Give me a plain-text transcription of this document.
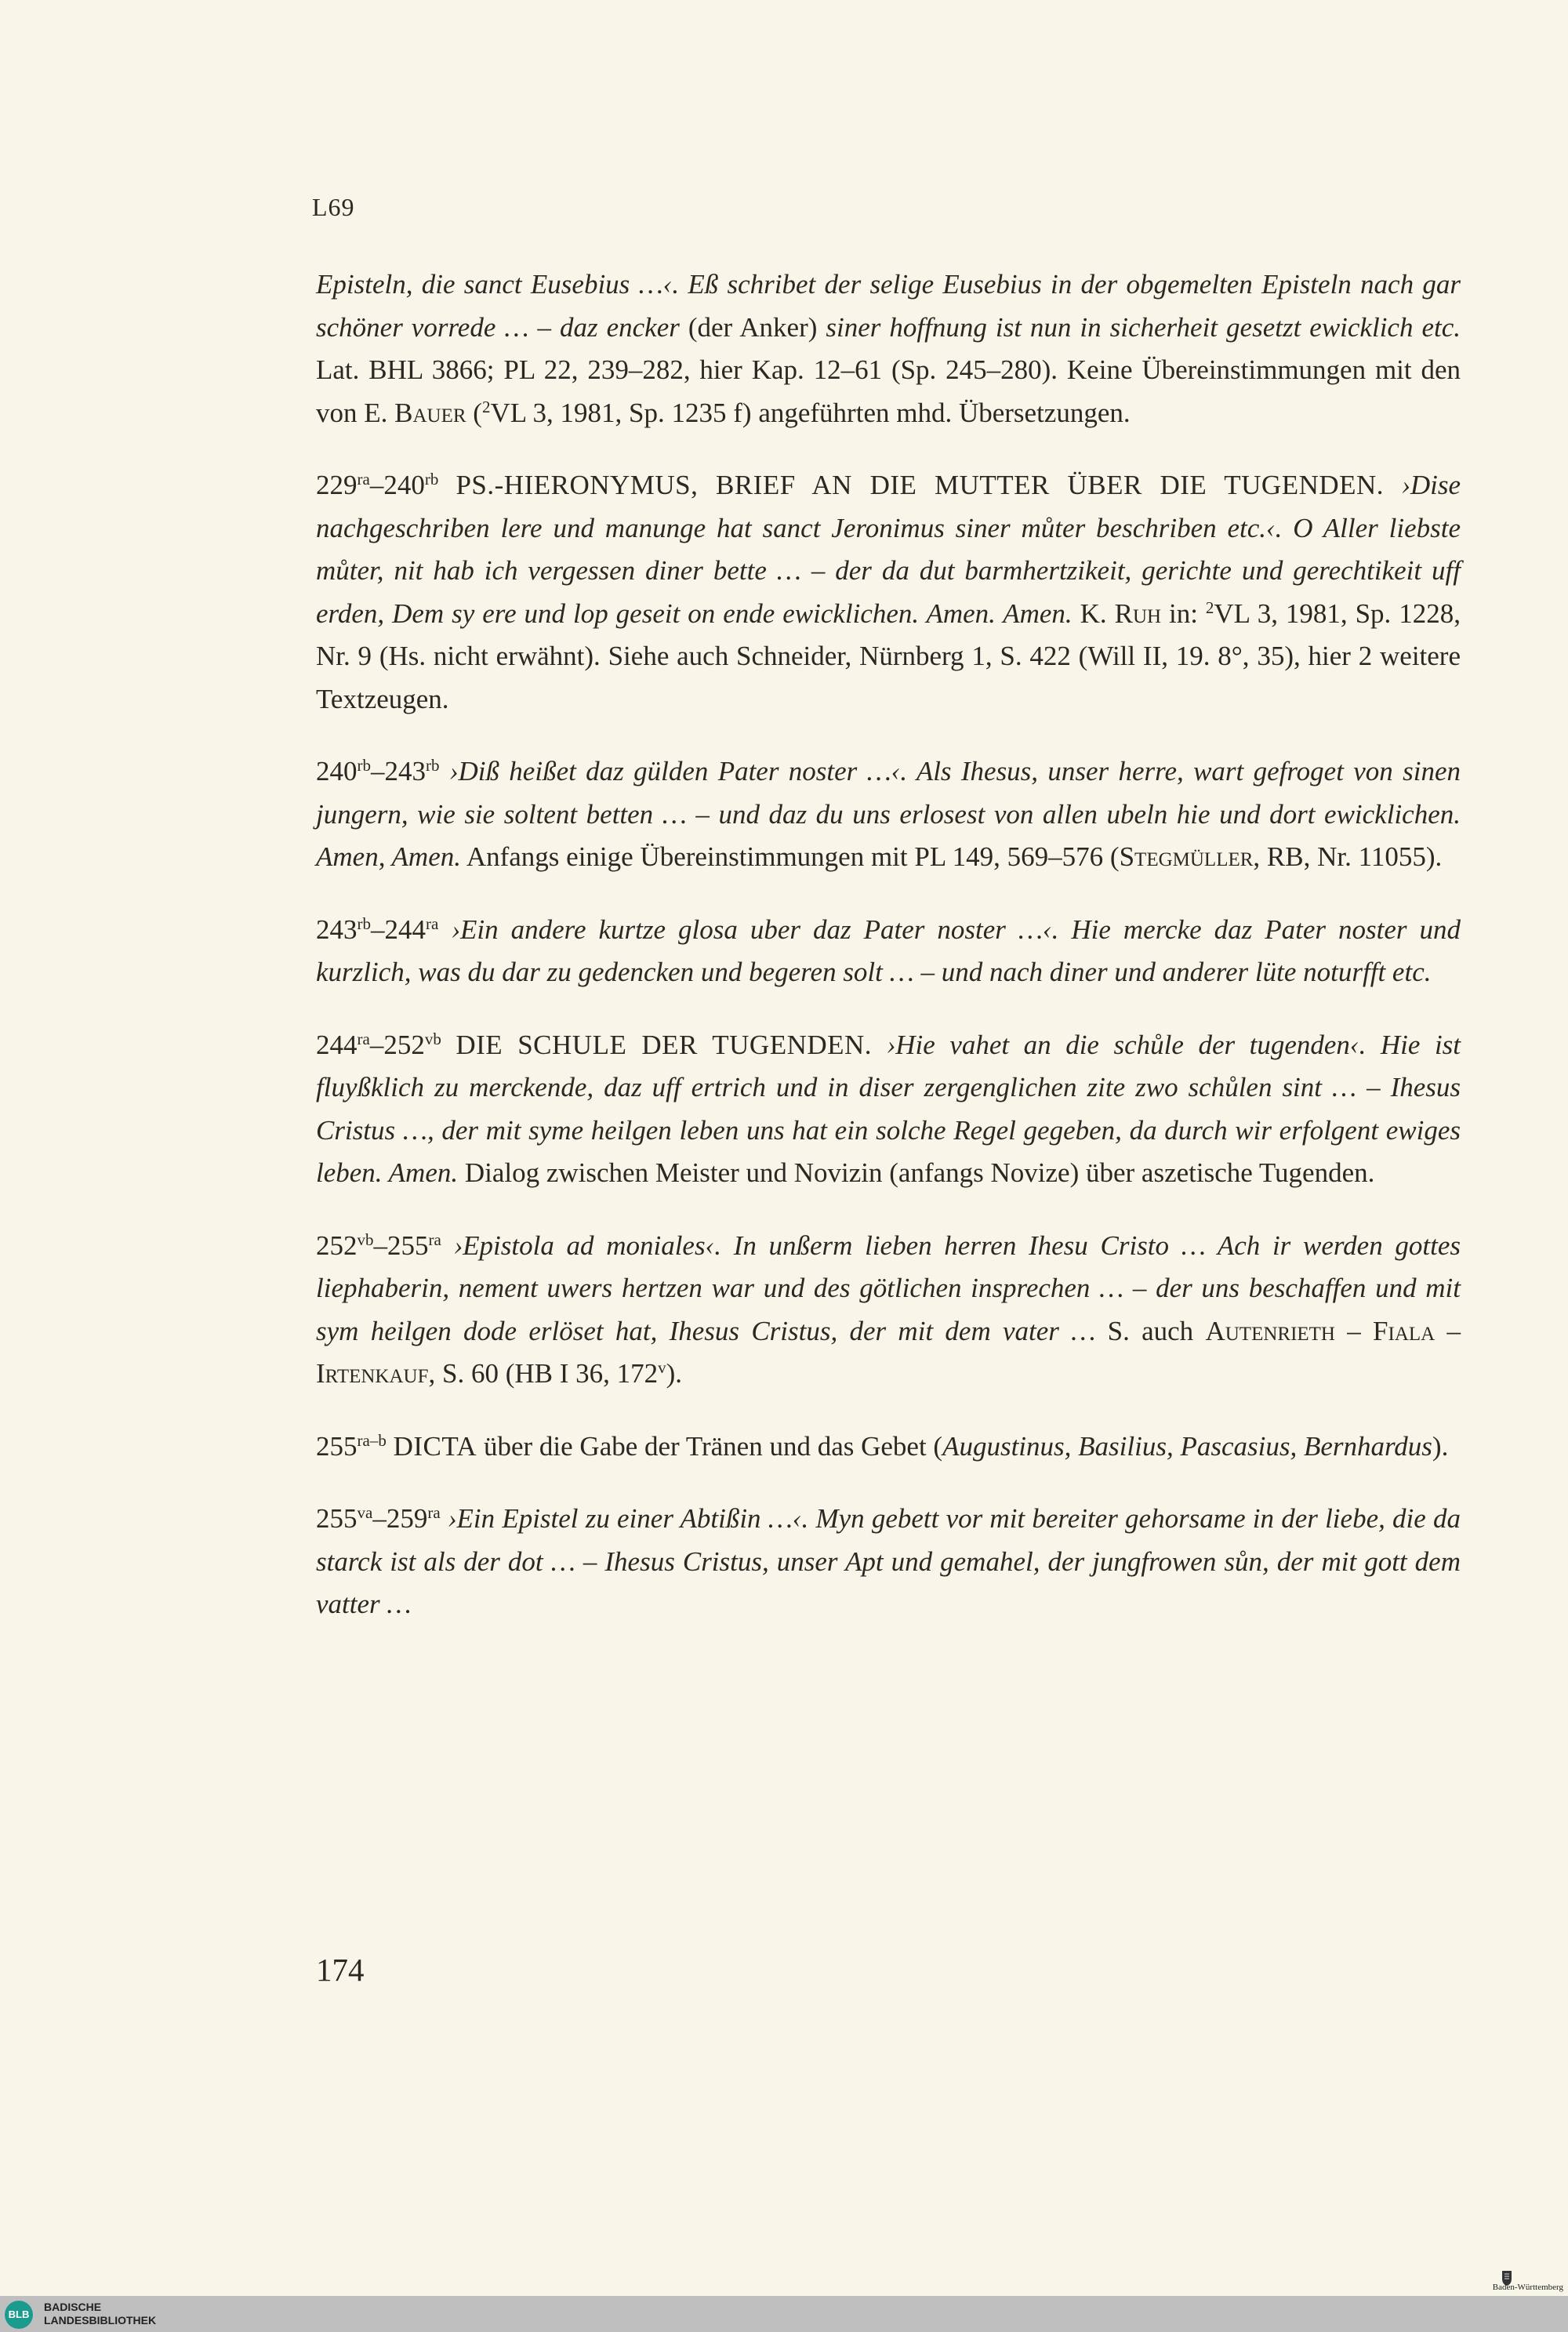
L69

Episteln, die sanct Eusebius …‹. Eß schribet der selige Eusebius in der obgemelten Episteln nach gar schöner vorrede … – daz encker (der Anker) siner hoffnung ist nun in sicherheit gesetzt ewicklich etc. Lat. BHL 3866; PL 22, 239–282, hier Kap. 12–61 (Sp. 245–280). Keine Übereinstimmungen mit den von E. Bauer ($^2$VL 3, 1981, Sp. 1235 f) angeführten mhd. Übersetzungen.

$229^{ra}-240^{rb}$ PS.-HIERONYMUS, BRIEF AN DIE MUTTER ÜBER DIE TUGENDEN. ›Dise nachgeschriben lere und manunge hat sanct Jeronimus siner můter beschriben etc.‹. O Aller liebste můter, nit hab ich vergessen diner bette … – der da dut barmhertzikeit, gerichte und gerechtikeit uff erden, Dem sy ere und lop geseit on ende ewicklichen. Amen. Amen. K. Ruh in: $^2$VL 3, 1981, Sp. 1228, Nr. 9 (Hs. nicht erwähnt). Siehe auch Schneider, Nürnberg 1, S. 422 (Will II, 19. 8°, 35), hier 2 weitere Textzeugen.

$240^{rb}-243^{rb}$ ›Diß heißet daz gülden Pater noster …‹. Als Ihesus, unser herre, wart gefroget von sinen jungern, wie sie soltent betten … – und daz du uns erlosest von allen ubeln hie und dort ewicklichen. Amen, Amen. Anfangs einige Übereinstimmungen mit PL 149, 569–576 (Stegmüller, RB, Nr. 11055).

$243^{rb}-244^{ra}$ ›Ein andere kurtze glosa uber daz Pater noster …‹. Hie mercke daz Pater noster und kurzlich, was du dar zu gedencken und begeren solt … – und nach diner und anderer lüte noturfft etc.

$244^{ra}-252^{vb}$ DIE SCHULE DER TUGENDEN. ›Hie vahet an die schůle der tugenden‹. Hie ist fluyßklich zu merckende, daz uff ertrich und in diser zergenglichen zite zwo schůlen sint … – Ihesus Cristus …, der mit syme heilgen leben uns hat ein solche Regel gegeben, da durch wir erfolgent ewiges leben. Amen. Dialog zwischen Meister und Novizin (anfangs Novize) über aszetische Tugenden.

$252^{vb}-255^{ra}$ ›Epistola ad moniales‹. In unßerm lieben herren Ihesu Cristo … Ach ir werden gottes liephaberin, nement uwers hertzen war und des götlichen insprechen … – der uns beschaffen und mit sym heilgen dode erlöset hat, Ihesus Cristus, der mit dem vater … S. auch Autenrieth – Fiala – Irtenkauf, S. 60 (HB I 36, 172$^v$).

$255^{ra-b}$ DICTA über die Gabe der Tränen und das Gebet (Augustinus, Basilius, Pascasius, Bernhardus).

$255^{va}-259^{ra}$ ›Ein Epistel zu einer Abtißin …‹. Myn gebett vor mit bereiter gehorsame in der liebe, die da starck ist als der dot … – Ihesus Cristus, unser Apt und gemahel, der jungfrowen sůn, der mit gott dem vatter …

174
BLB
BADISCHE
LANDESBIBLIOTHEK
Baden-Württemberg
